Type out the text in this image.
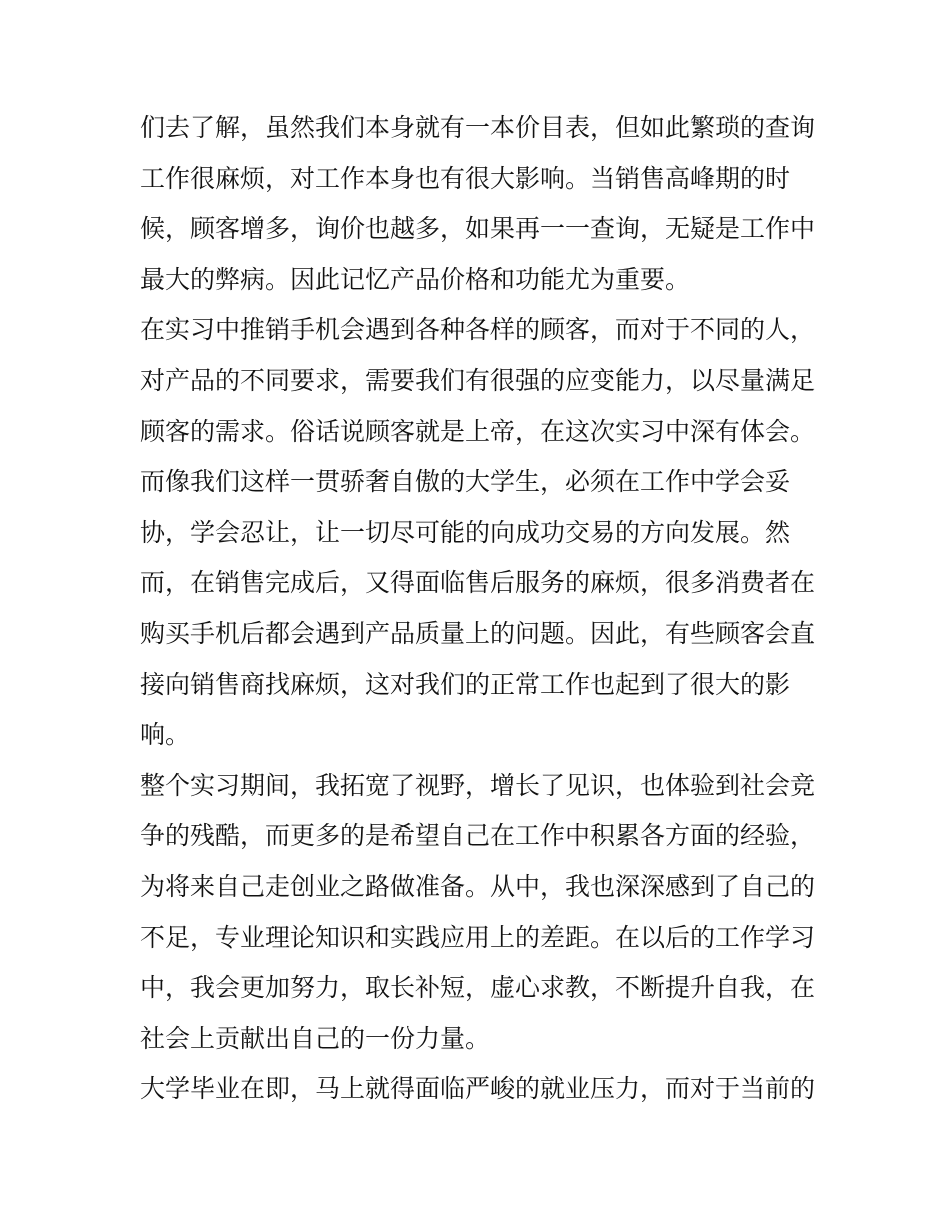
们去了解，虽然我们本身就有一本价目表，但如此繁琐的查询
工作很麻烦，对工作本身也有很大影响。当销售高峰期的时
候，顾客增多，询价也越多，如果再一一查询，无疑是工作中
最大的弊病。因此记忆产品价格和功能尤为重要。
在实习中推销手机会遇到各种各样的顾客，而对于不同的人，
对产品的不同要求，需要我们有很强的应变能力，以尽量满足
顾客的需求。俗话说顾客就是上帝，在这次实习中深有体会。
而像我们这样一贯骄奢自傲的大学生，必须在工作中学会妥
协，学会忍让，让一切尽可能的向成功交易的方向发展。然
而，在销售完成后，又得面临售后服务的麻烦，很多消费者在
购买手机后都会遇到产品质量上的问题。因此，有些顾客会直
接向销售商找麻烦，这对我们的正常工作也起到了很大的影
响。
整个实习期间，我拓宽了视野，增长了见识，也体验到社会竞
争的残酷，而更多的是希望自己在工作中积累各方面的经验，
为将来自己走创业之路做准备。从中，我也深深感到了自己的
不足，专业理论知识和实践应用上的差距。在以后的工作学习
中，我会更加努力，取长补短，虚心求教，不断提升自我，在
社会上贡献出自己的一份力量。
大学毕业在即，马上就得面临严峻的就业压力，而对于当前的
